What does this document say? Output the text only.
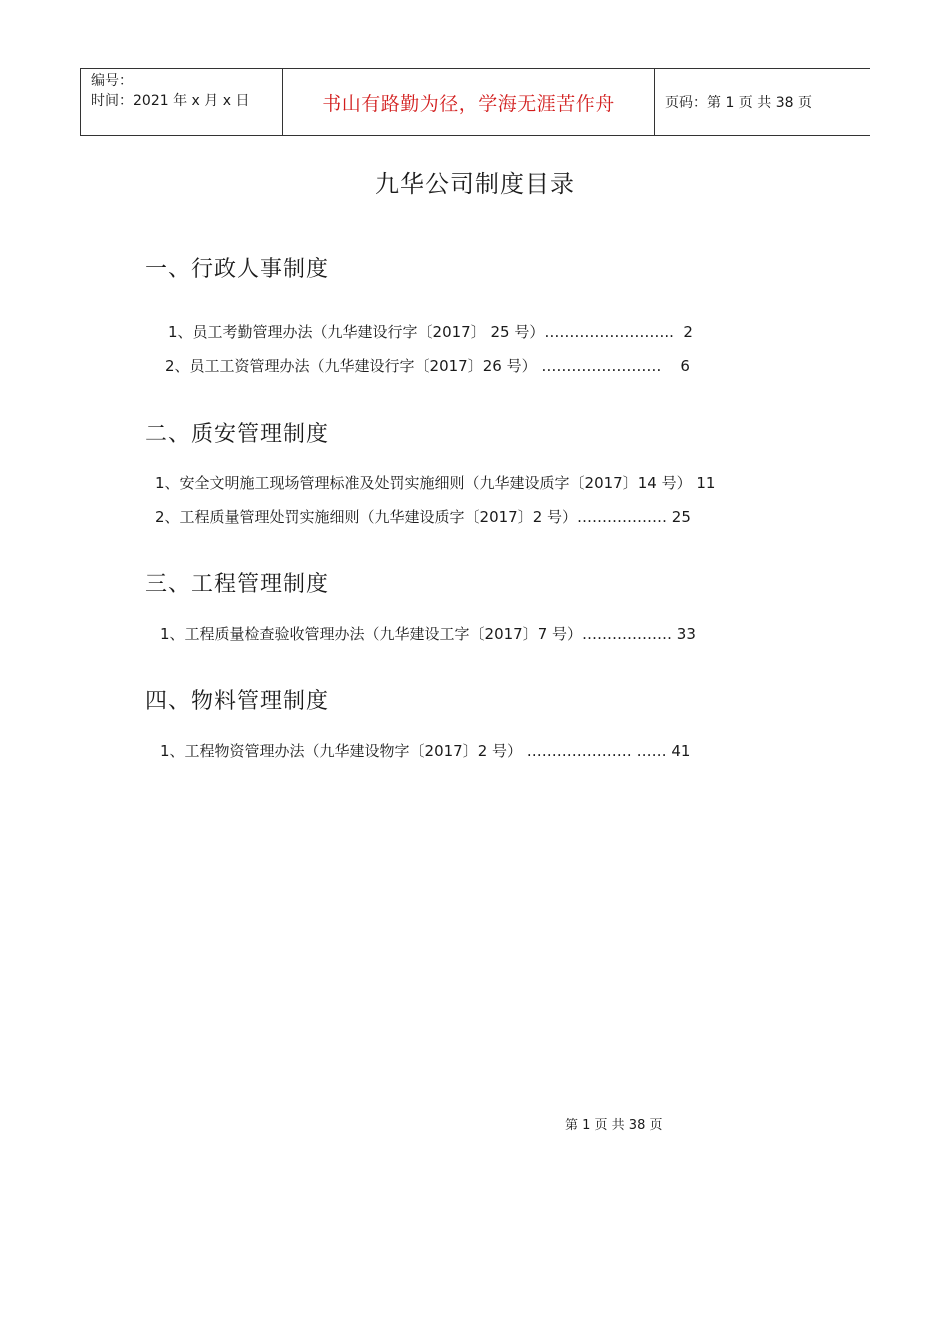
编号：
时间：2021 年 x 月 x 日	书山有路勤为径，学海无涯苦作舟	页码：第 1 页 共 38 页
九华公司制度目录
一、行政人事制度
1、员工考勤管理办法（九华建设行字〔2017〕 25 号）……………………..  2
2、员工工资管理办法（九华建设行字〔2017〕26 号） ……………………    6
二、质安管理制度
1、安全文明施工现场管理标准及处罚实施细则（九华建设质字〔2017〕14 号） 11
2、工程质量管理处罚实施细则（九华建设质字〔2017〕2 号）……………… 25
三、工程管理制度
1、工程质量检查验收管理办法（九华建设工字〔2017〕7 号）……………… 33
四、物料管理制度
1、工程物资管理办法（九华建设物字〔2017〕2 号） ………………… …… 41
第 1 页 共 38 页
